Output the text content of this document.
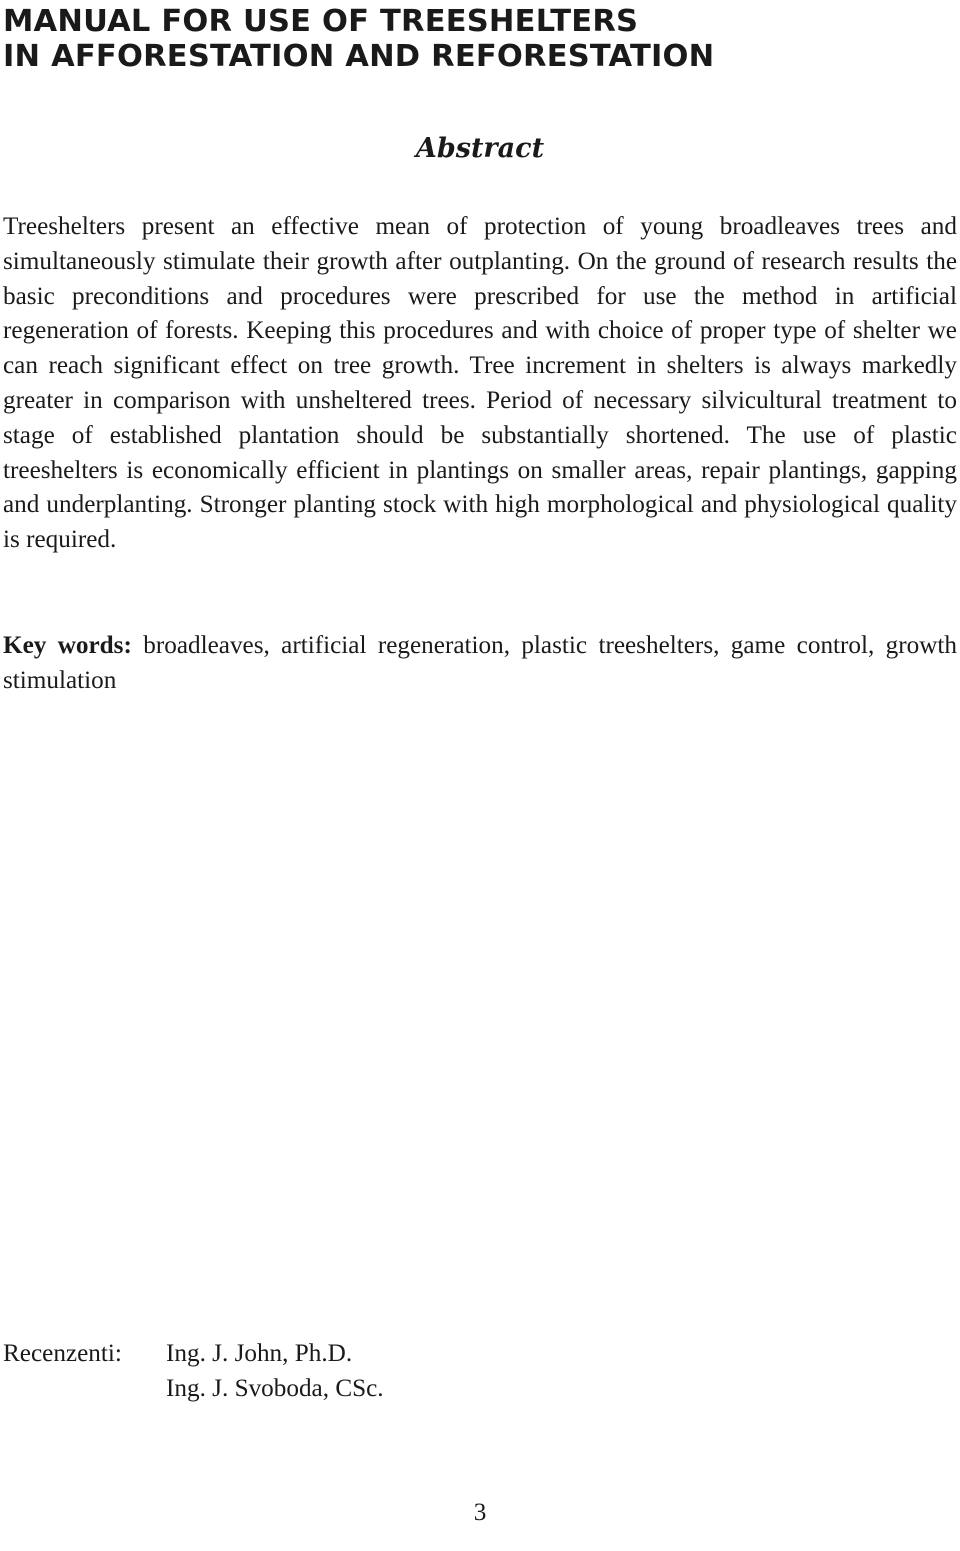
MANUAL FOR USE OF TREESHELTERS
IN AFFORESTATION AND REFORESTATION
Abstract

Treeshelters present an effective mean of protection of young broadleaves trees and simultaneously stimulate their growth after outplanting. On the ground of research results the basic preconditions and procedures were prescribed for use the method in artificial regeneration of forests. Keeping this procedures and with choice of proper type of shelter we can reach significant effect on tree growth. Tree increment in shelters is always markedly greater in comparison with unsheltered trees. Period of necessary silvicultural treatment to stage of established plantation should be substantially shortened. The use of plastic treeshelters is economically efficient in plantings on smaller areas, repair plantings, gapping and underplanting. Stronger planting stock with high morphological and physiological quality is required.

Key words: broadleaves, artificial regeneration, plastic treeshelters, game control, growth stimulation

Recenzenti: Ing. J. John, Ph.D.
Ing. J. Svoboda, CSc.
3
